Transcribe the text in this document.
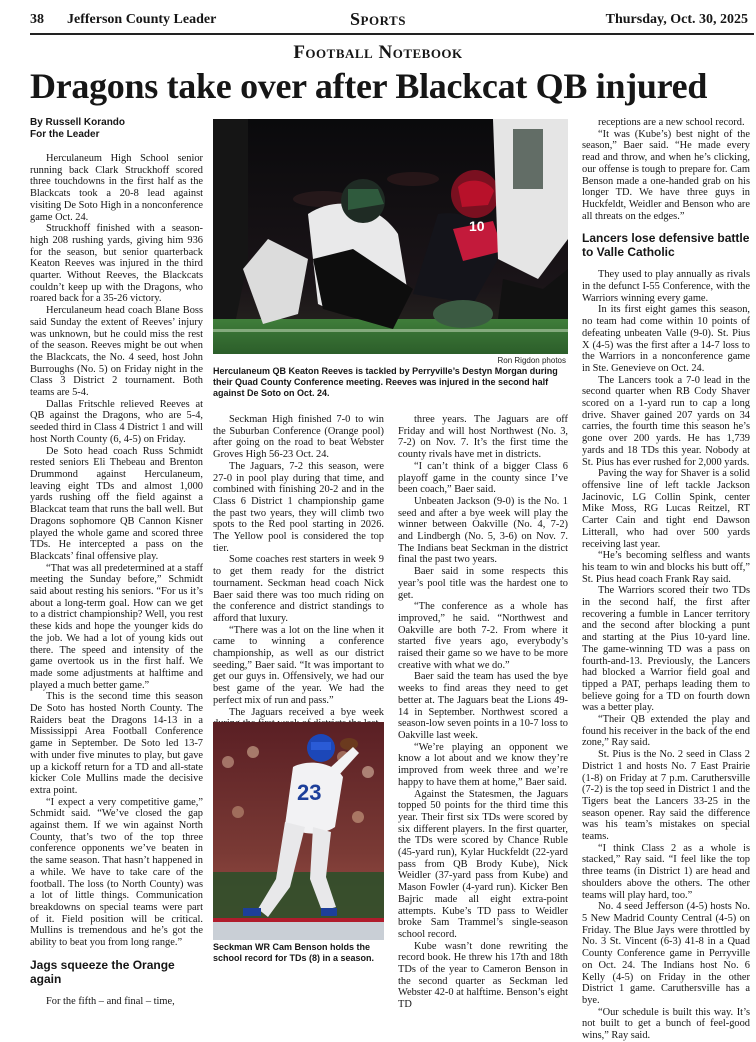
38 Jefferson County Leader	Sports	Thursday, Oct. 30, 2025
Football Notebook
Dragons take over after Blackcat QB injured
By Russell Korando
For the Leader

Herculaneum High School senior running back Clark Struckhoff scored three touchdowns in the first half as the Blackcats took a 20-8 lead against visiting De Soto High in a nonconference game Oct. 24.

Struckhoff finished with a season-high 208 rushing yards, giving him 936 for the season, but senior quarterback Keaton Reeves was injured in the third quarter. Without Reeves, the Blackcats couldn’t keep up with the Dragons, who roared back for a 35-26 victory.

Herculaneum head coach Blane Boss said Sunday the extent of Reeves’ injury was unknown, but he could miss the rest of the season. Reeves might be out when the Blackcats, the No. 4 seed, host John Burroughs (No. 5) on Friday night in the Class 3 District 2 tournament. Both teams are 5-4.

Dallas Fritschle relieved Reeves at QB against the Dragons, who are 5-4, seeded third in Class 4 District 1 and will host North County (6, 4-5) on Friday.

De Soto head coach Russ Schmidt rested seniors Eli Thebeau and Brenton Drummond against Herculaneum, leaving eight TDs and almost 1,000 yards rushing off the field against a Blackcat team that runs the ball well. But Dragons sophomore QB Cannon Kisner played the whole game and scored three TDs. He intercepted a pass on the Blackcats’ final offensive play.

“That was all predetermined at a staff meeting the Sunday before,” Schmidt said about resting his seniors. “For us it’s about a long-term goal. How can we get to a district championship? Well, you rest these kids and hope the younger kids do the job. We had a lot of young kids out there. The speed and intensity of the game overtook us in the first half. We made some adjustments at halftime and played a much better game.”

This is the second time this season De Soto has hosted North County. The Raiders beat the Dragons 14-13 in a Mississippi Area Football Conference game in September. De Soto led 13-7 with under five minutes to play, but gave up a kickoff return for a TD and all-state kicker Cole Mullins made the decisive extra point.

“I expect a very competitive game,” Schmidt said. “We’ve closed the gap against them. If we win against North County, that’s two of the top three conference opponents we’ve beaten in the same season. That hasn’t happened in a while. We have to take care of the football. The loss (to North County) was a lot of little things. Communication breakdowns on special teams were part of it. Field position will be critical. Mullins is tremendous and he’s got the ability to beat you from long range.”

Jags squeeze the Orange again

For the fifth – and final – time,

10
Ron Rigdon photos
Herculaneum QB Keaton Reeves is tackled by Perryville’s Destyn Morgan during their Quad County Conference meeting. Reeves was injured in the second half against De Soto on Oct. 24.

Seckman High finished 7-0 to win the Suburban Conference (Orange pool) after going on the road to beat Webster Groves High 56-23 Oct. 24.

The Jaguars, 7-2 this season, were 27-0 in pool play during that time, and combined with finishing 20-2 and in the Class 6 District 1 championship game the past two years, they will climb two spots to the Red pool starting in 2026. The Yellow pool is considered the top tier.

Some coaches rest starters in week 9 to get them ready for the district tournament. Seckman head coach Nick Baer said there was too much riding on the conference and district standings to afford that luxury.

“There was a lot on the line when it came to winning a conference championship, as well as our district seeding,” Baer said. “It was important to get our guys in. Offensively, we had our best game of the year. We had the perfect mix of run and pass.”

The Jaguars received a bye week

23
Seckman WR Cam Benson holds the school record for TDs (8) in a season.

three years. The Jaguars are off Friday and will host Northwest (No. 3, 7-2) on Nov. 7. It’s the first time the county rivals have met in districts.

“I can’t think of a bigger Class 6 playoff game in the county since I’ve been coach,” Baer said.

Unbeaten Jackson (9-0) is the No. 1 seed and after a bye week will play the winner between Oakville (No. 4, 7-2) and Lindbergh (No. 5, 3-6) on Nov. 7. The Indians beat Seckman in the district final the past two years.

Baer said in some respects this year’s pool title was the hardest one to get.

“The conference as a whole has improved,” he said. “Northwest and Oakville are both 7-2. From where it started five years ago, everybody’s raised their game so we have to be more creative with what we do.”

Baer said the team has used the bye weeks to find areas they need to get better at. The Jaguars beat the Lions 49-14 in September. Northwest scored a season-low seven points in a 10-7 loss to Oakville last week.

“We’re playing an opponent we know a lot about and we know they’re improved from week three and we’re happy to have them at home,” Baer said.

Against the Statesmen, the Jaguars topped 50 points for the third time this year. Their first six TDs were scored by six different players. In the first quarter, the TDs were scored by Chance Ruble (45-yard run), Kylar Huckfeldt (22-yard pass from QB Brody Kube), Nick Weidler (37-yard pass from Kube) and Mason Fowler (4-yard run). Kicker Ben Bajric made all eight extra-point attempts. Kube’s TD pass to Weidler broke Sam Trammel’s single-season school record.

Kube wasn’t done rewriting the record book. He threw his 17th and 18th TDs of the year to Cameron Benson in the second quarter as Seckman led Webster 42-0 at halftime. Benson’s eight TD

receptions are a new school record.

“It was (Kube’s) best night of the season,” Baer said. “He made every read and throw, and when he’s clicking, our offense is tough to prepare for. Cam Benson made a one-handed grab on his longer TD. We have three guys in Huckfeldt, Weidler and Benson who are all threats on the edges.”

Lancers lose defensive battle to Valle Catholic

They used to play annually as rivals in the defunct I-55 Conference, with the Warriors winning every game.

In its first eight games this season, no team had come within 10 points of defeating unbeaten Valle (9-0). St. Pius X (4-5) was the first after a 14-7 loss to the Warriors in a nonconference game in Ste. Genevieve on Oct. 24.

The Lancers took a 7-0 lead in the second quarter when RB Cody Shaver scored on a 1-yard run to cap a long drive. Shaver gained 207 yards on 34 carries, the fourth time this season he’s gone over 200 yards. He has 1,739 yards and 18 TDs this year. Nobody at St. Pius has ever rushed for 2,000 yards.

Paving the way for Shaver is a solid offensive line of left tackle Jackson Jacinovic, LG Collin Spink, center Mike Moss, RG Lucas Reitzel, RT Carter Cain and tight end Dawson Litterall, who had over 500 yards receiving last year.

“He’s becoming selfless and wants his team to win and blocks his butt off,” St. Pius head coach Frank Ray said.

The Warriors scored their two TDs in the second half, the first after recovering a fumble in Lancer territory and the second after blocking a punt and starting at the Pius 10-yard line. The game-winning TD was a pass on fourth-and-13. Previously, the Lancers had blocked a Warrior field goal and tipped a PAT, perhaps leading them to believe going for a TD on fourth down was a better play.

“Their QB extended the play and found his receiver in the back of the end zone,” Ray said.

St. Pius is the No. 2 seed in Class 2 District 1 and hosts No. 7 East Prairie (1-8) on Friday at 7 p.m. Caruthersville (7-2) is the top seed in District 1 and the Tigers beat the Lancers 33-25 in the season opener. Ray said the difference was his team’s mistakes on special teams.

“I think Class 2 as a whole is stacked,” Ray said. “I feel like the top three teams (in District 1) are head and shoulders above the others. The other teams will play hard, too.”

No. 4 seed Jefferson (4-5) hosts No. 5 New Madrid County Central (4-5) on Friday. The Blue Jays were throttled by No. 3 St. Vincent (6-3) 41-8 in a Quad County Conference game in Perryville on Oct. 24. The Indians host No. 6 Kelly (4-5) on Friday in the other District 1 game. Caruthersville has a bye.

“Our schedule is built this way. It’s not built to get a bunch of feel-good wins,” Ray said.
